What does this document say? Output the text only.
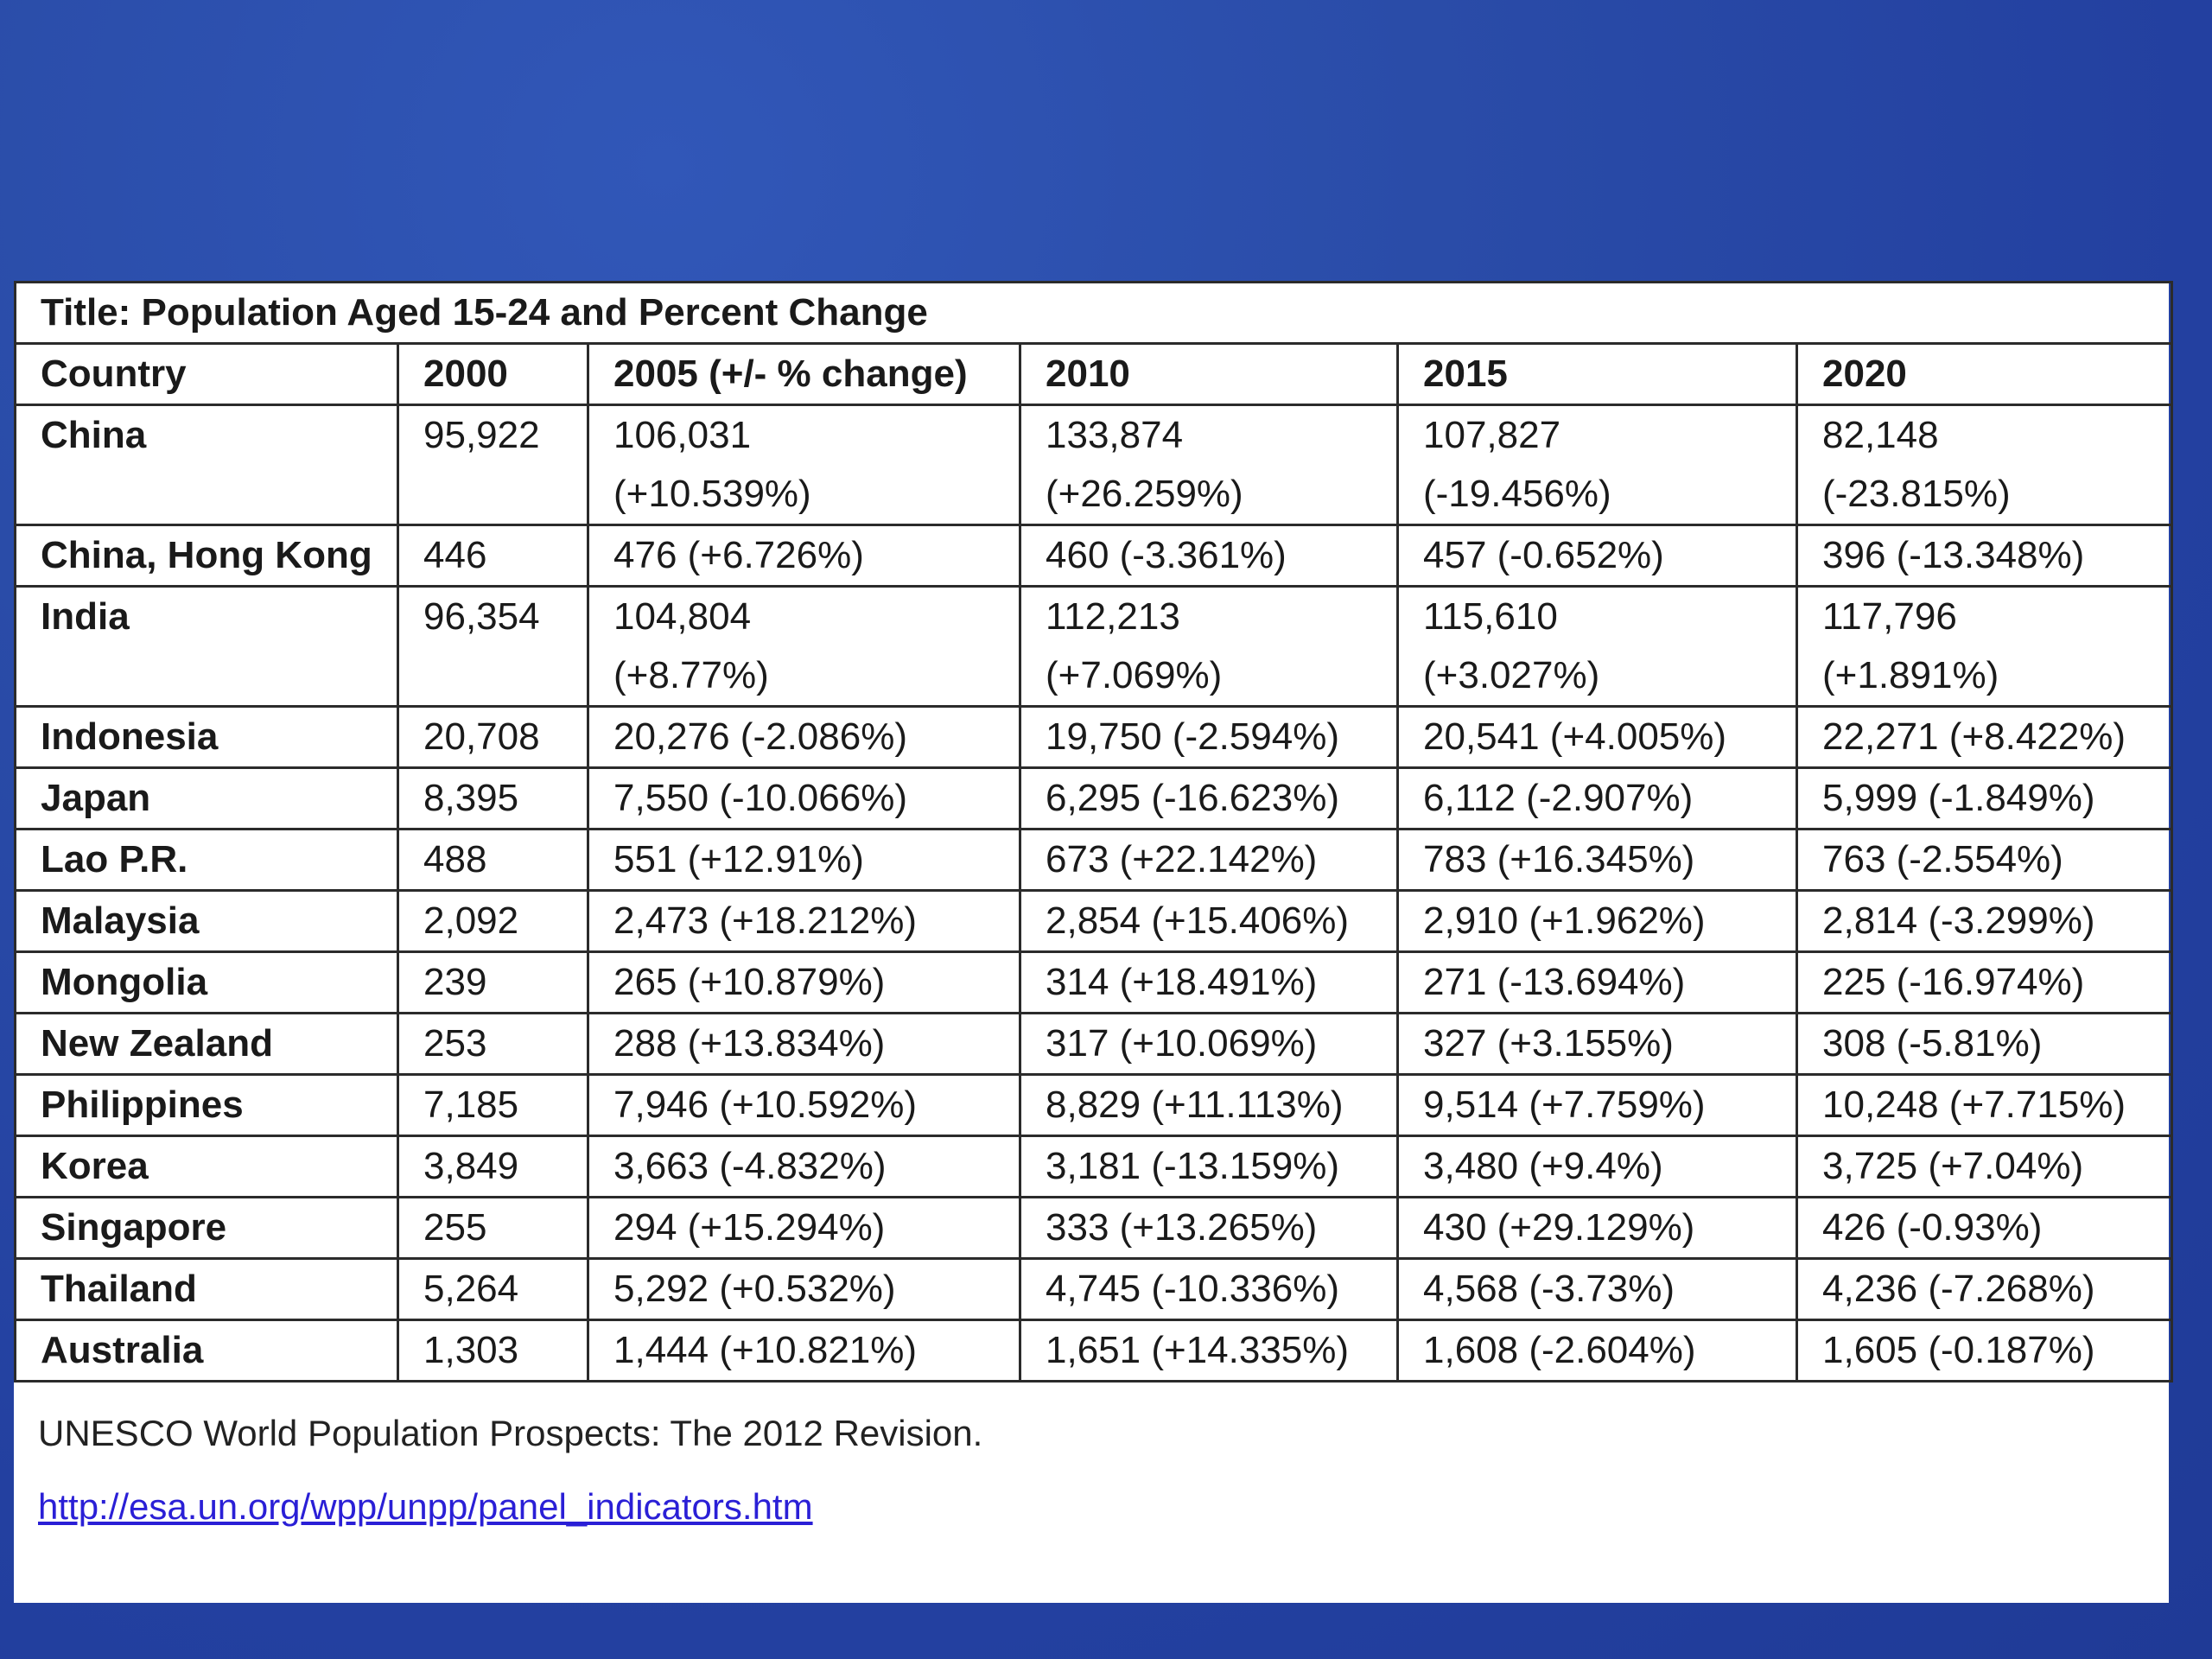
Title: Population Aged 15-24 and Percent Change					
Country	2000	2005 (+/- % change)	2010	2015	2020
China	95,922	106,031 (+10.539%)	133,874 (+26.259%)	107,827 (-19.456%)	82,148 (-23.815%)
China, Hong Kong	446	476 (+6.726%)	460 (-3.361%)	457 (-0.652%)	396 (-13.348%)
India	96,354	104,804 (+8.77%)	112,213 (+7.069%)	115,610 (+3.027%)	117,796 (+1.891%)
Indonesia	20,708	20,276 (-2.086%)	19,750 (-2.594%)	20,541 (+4.005%)	22,271 (+8.422%)
Japan	8,395	7,550 (-10.066%)	6,295 (-16.623%)	6,112 (-2.907%)	5,999 (-1.849%)
Lao P.R.	488	551 (+12.91%)	673 (+22.142%)	783 (+16.345%)	763 (-2.554%)
Malaysia	2,092	2,473 (+18.212%)	2,854 (+15.406%)	2,910 (+1.962%)	2,814 (-3.299%)
Mongolia	239	265 (+10.879%)	314 (+18.491%)	271 (-13.694%)	225 (-16.974%)
New Zealand	253	288 (+13.834%)	317 (+10.069%)	327 (+3.155%)	308 (-5.81%)
Philippines	7,185	7,946 (+10.592%)	8,829 (+11.113%)	9,514 (+7.759%)	10,248 (+7.715%)
Korea	3,849	3,663 (-4.832%)	3,181 (-13.159%)	3,480 (+9.4%)	3,725 (+7.04%)
Singapore	255	294 (+15.294%)	333 (+13.265%)	430 (+29.129%)	426 (-0.93%)
Thailand	5,264	5,292 (+0.532%)	4,745 (-10.336%)	4,568 (-3.73%)	4,236 (-7.268%)
Australia	1,303	1,444 (+10.821%)	1,651 (+14.335%)	1,608 (-2.604%)	1,605 (-0.187%)
UNESCO World Population Prospects: The 2012 Revision.
http://esa.un.org/wpp/unpp/panel_indicators.htm
